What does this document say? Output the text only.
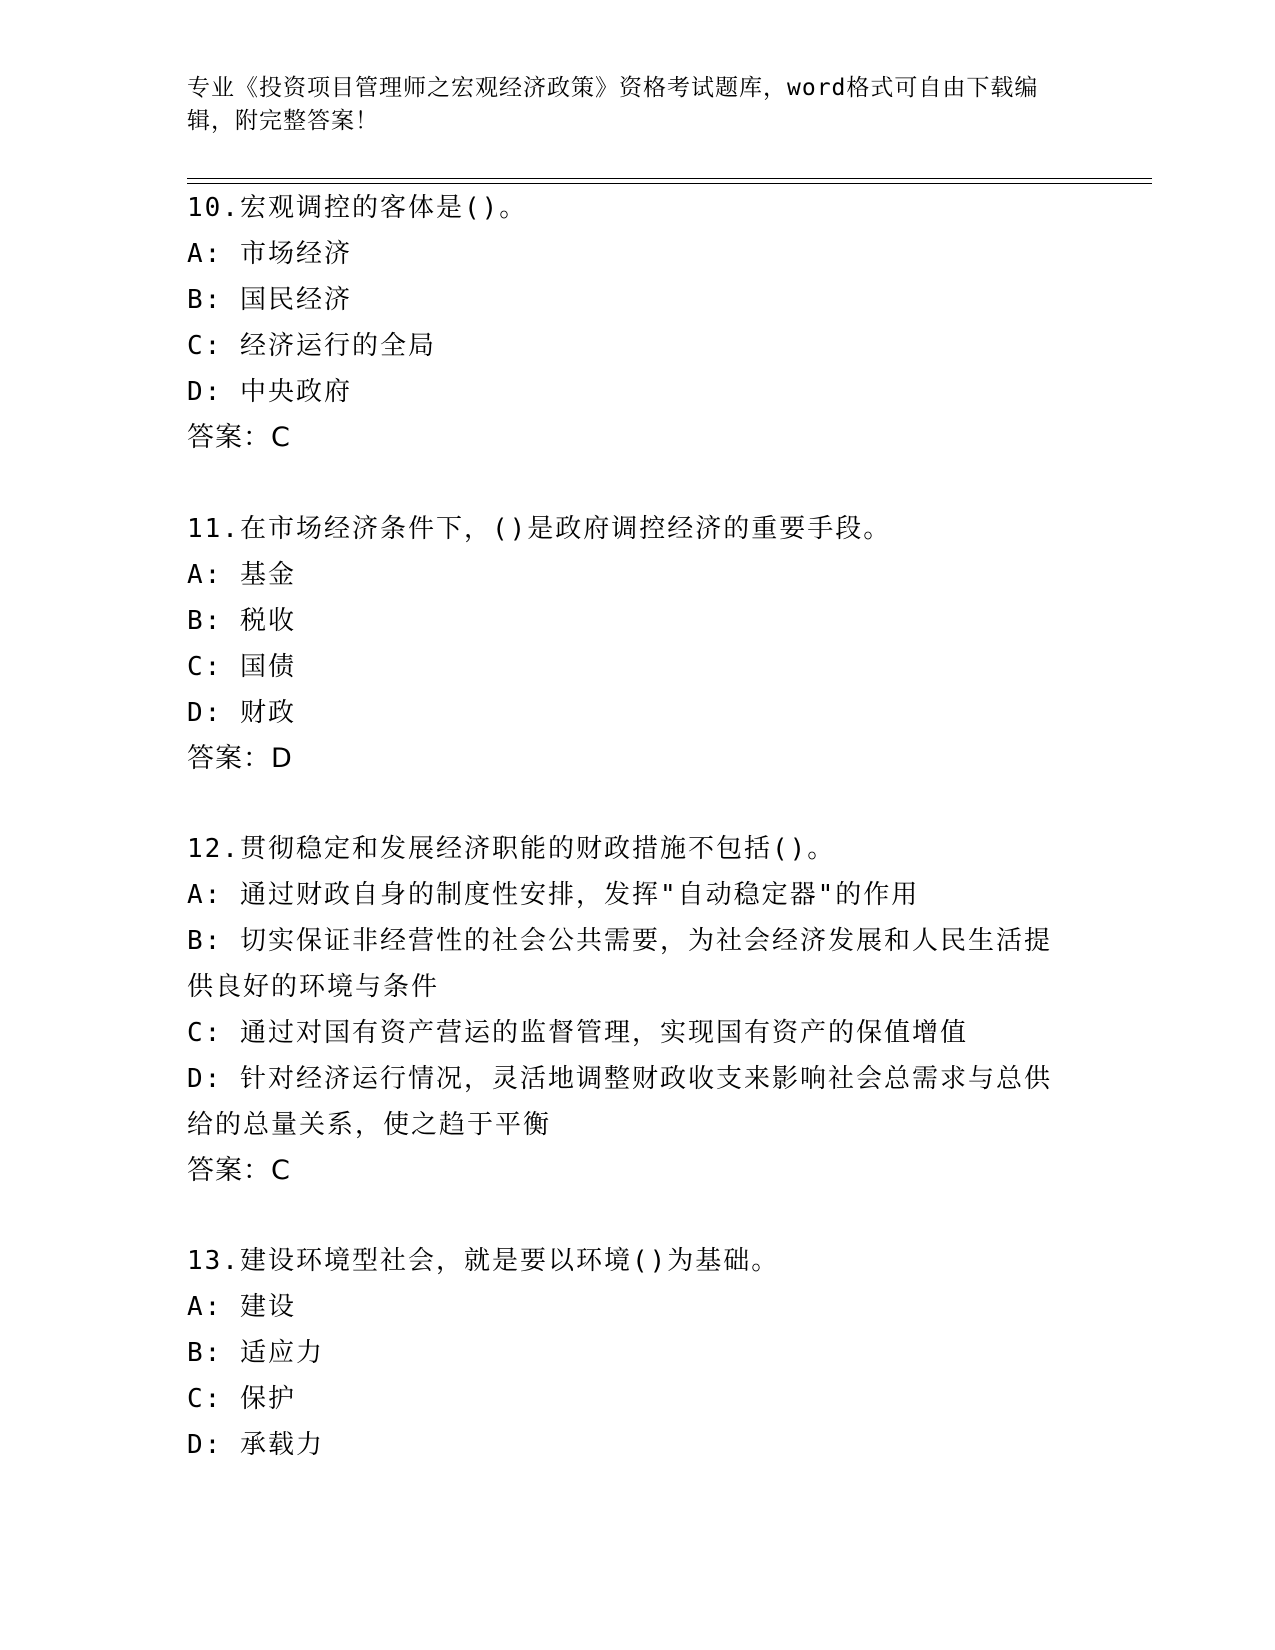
专业《投资项目管理师之宏观经济政策》资格考试题库，word格式可自由下载编辑，附完整答案！
10.宏观调控的客体是()。
A: 市场经济
B: 国民经济
C: 经济运行的全局
D: 中央政府
答案：C
11.在市场经济条件下，()是政府调控经济的重要手段。
A: 基金
B: 税收
C: 国债
D: 财政
答案：D
12.贯彻稳定和发展经济职能的财政措施不包括()。
A: 通过财政自身的制度性安排，发挥"自动稳定器"的作用
B: 切实保证非经营性的社会公共需要，为社会经济发展和人民生活提供良好的环境与条件
C: 通过对国有资产营运的监督管理，实现国有资产的保值增值
D: 针对经济运行情况，灵活地调整财政收支来影响社会总需求与总供给的总量关系，使之趋于平衡
答案：C
13.建设环境型社会，就是要以环境()为基础。
A: 建设
B: 适应力
C: 保护
D: 承载力
